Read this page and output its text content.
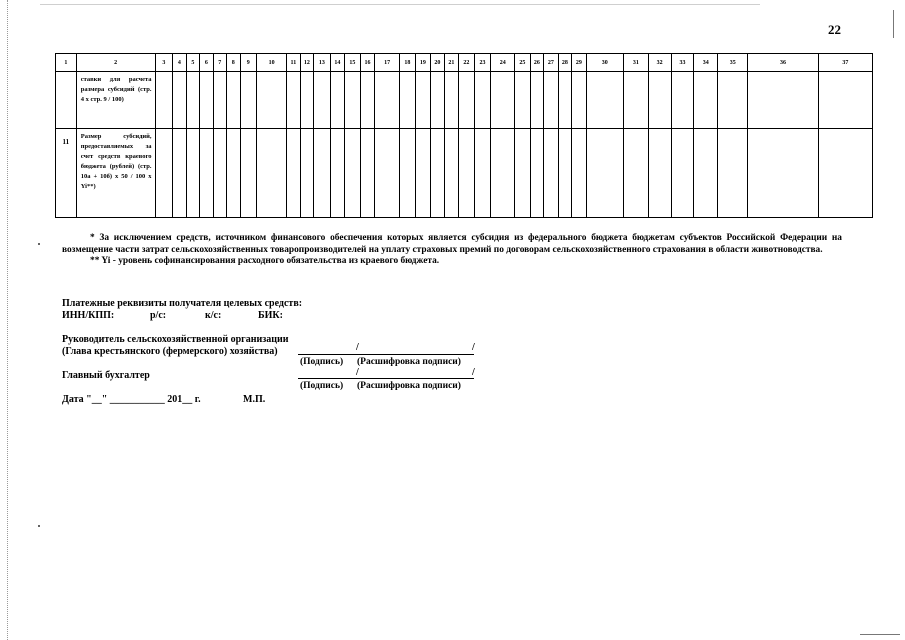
22
1	2	3	4	5	6	7	8	9	10	11	12	13	14	15	16	17	18	19	20	21	22	23	24	25	26	27	28	29	30	31	32	33	34	35	36	37
	ставки для расчета размера субсидий (стр. 4 x стр. 9 / 100)																																			
11	Размер субсидий, предоставляемых за счет средств краевого бюджета (рублей) (стр. 10а + 10б) x 50 / 100 x Yi**)																																			

* За исключением средств, источником финансового обеспечения которых является субсидия из федерального бюджета бюджетам субъектов Российской Федерации на возмещение части затрат сельскохозяйственных товаропроизводителей на уплату страховых премий по договорам сельскохозяйственного страхования в области животноводства.

** Yi - уровень софинансирования расходного обязательства из краевого бюджета.

Платежные реквизиты получателя целевых средств:
ИНН/КПП:	р/с:	к/с:	БИК:
Руководитель сельскохозяйственной организации
(Глава крестьянского (фермерского) хозяйства)	/	/
(Подпись) (Расшифровка подписи)
Главный бухгалтер	/	/
(Подпись) (Расшифровка подписи)
Дата "__" ___________ 201__ г.	М.П.
